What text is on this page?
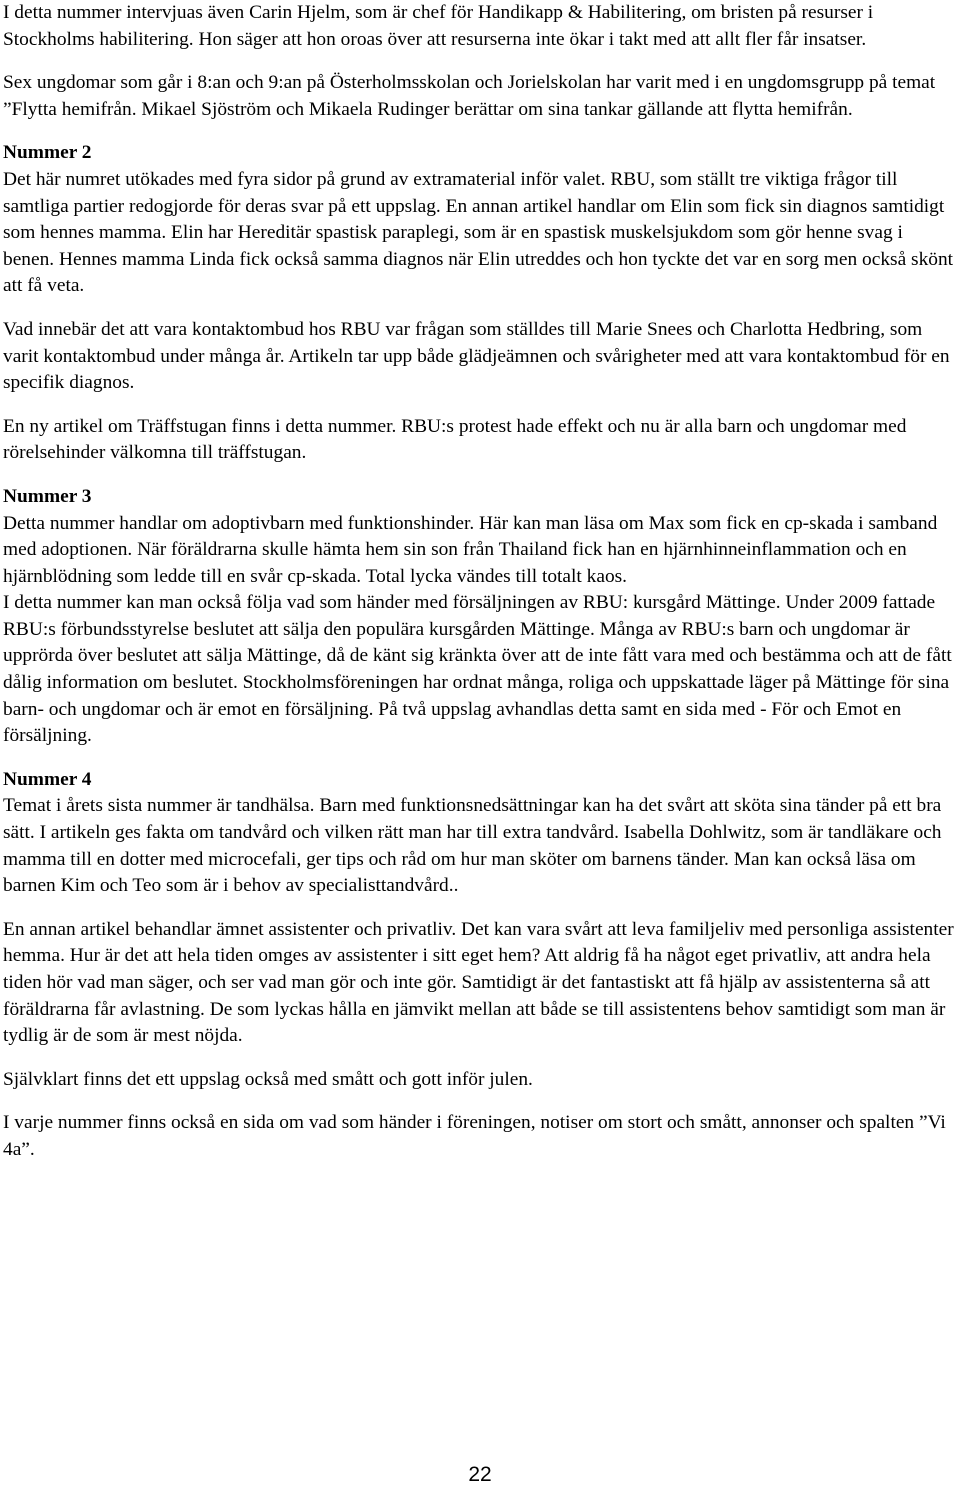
I detta nummer intervjuas även Carin Hjelm, som är chef för Handikapp & Habilitering, om bristen på resurser i Stockholms habilitering. Hon säger att hon oroas över att resurserna inte ökar i takt med att allt fler får insatser.

Sex ungdomar som går i 8:an och 9:an på Österholmsskolan och Jorielskolan har varit med i en ungdomsgrupp på temat ”Flytta hemifrån. Mikael Sjöström och Mikaela Rudinger berättar om sina tankar gällande att flytta hemifrån.

Nummer 2

Det här numret utökades med fyra sidor på grund av extramaterial inför valet. RBU, som ställt tre viktiga frågor till samtliga partier redogjorde för deras svar på ett uppslag. En annan artikel handlar om Elin som fick sin diagnos samtidigt som hennes mamma. Elin har Hereditär spastisk paraplegi, som är en spastisk muskelsjukdom som gör henne svag i benen. Hennes mamma Linda fick också samma diagnos när Elin utreddes och hon tyckte det var en sorg men också skönt att få veta.

Vad innebär det att vara kontaktombud hos RBU var frågan som ställdes till Marie Snees och Charlotta Hedbring, som varit kontaktombud under många år. Artikeln tar upp både glädjeämnen och svårigheter med att vara kontaktombud för en specifik diagnos.

En ny artikel om Träffstugan finns i detta nummer. RBU:s protest hade effekt och nu är alla barn och ungdomar med rörelsehinder välkomna till träffstugan.

Nummer 3

Detta nummer handlar om adoptivbarn med funktionshinder. Här kan man läsa om Max som fick en cp-skada i samband med adoptionen. När föräldrarna skulle hämta hem sin son från Thailand fick han en hjärnhinneinflammation och en hjärnblödning som ledde till en svår cp-skada. Total lycka vändes till totalt kaos.

I detta nummer kan man också följa vad som händer med försäljningen av RBU: kursgård Mättinge. Under 2009 fattade RBU:s förbundsstyrelse beslutet att sälja den populära kursgården Mättinge. Många av RBU:s barn och ungdomar är upprörda över beslutet att sälja Mättinge, då de känt sig kränkta över att de inte fått vara med och bestämma och att de fått dålig information om beslutet. Stockholmsföreningen har ordnat många, roliga och uppskattade läger på Mättinge för sina barn- och ungdomar och är emot en försäljning. På två uppslag avhandlas detta samt en sida med - För och Emot en försäljning.

Nummer 4

Temat i årets sista nummer är tandhälsa. Barn med funktionsnedsättningar kan ha det svårt att sköta sina tänder på ett bra sätt. I artikeln ges fakta om tandvård och vilken rätt man har till extra tandvård. Isabella Dohlwitz, som är tandläkare och mamma till en dotter med microcefali, ger tips och råd om hur man sköter om barnens tänder. Man kan också läsa om barnen Kim och Teo som är i behov av specialisttandvård..

En annan artikel behandlar ämnet assistenter och privatliv. Det kan vara svårt att leva familjeliv med personliga assistenter hemma. Hur är det att hela tiden omges av assistenter i sitt eget hem? Att aldrig få ha något eget privatliv, att andra hela tiden hör vad man säger, och ser vad man gör och inte gör. Samtidigt är det fantastiskt att få hjälp av assistenterna så att föräldrarna får avlastning. De som lyckas hålla en jämvikt mellan att både se till assistentens behov samtidigt som man är tydlig är de som är mest nöjda.

Självklart finns det ett uppslag också med smått och gott inför julen.

I varje nummer finns också en sida om vad som händer i föreningen, notiser om stort och smått, annonser och spalten ”Vi 4a”.

22
